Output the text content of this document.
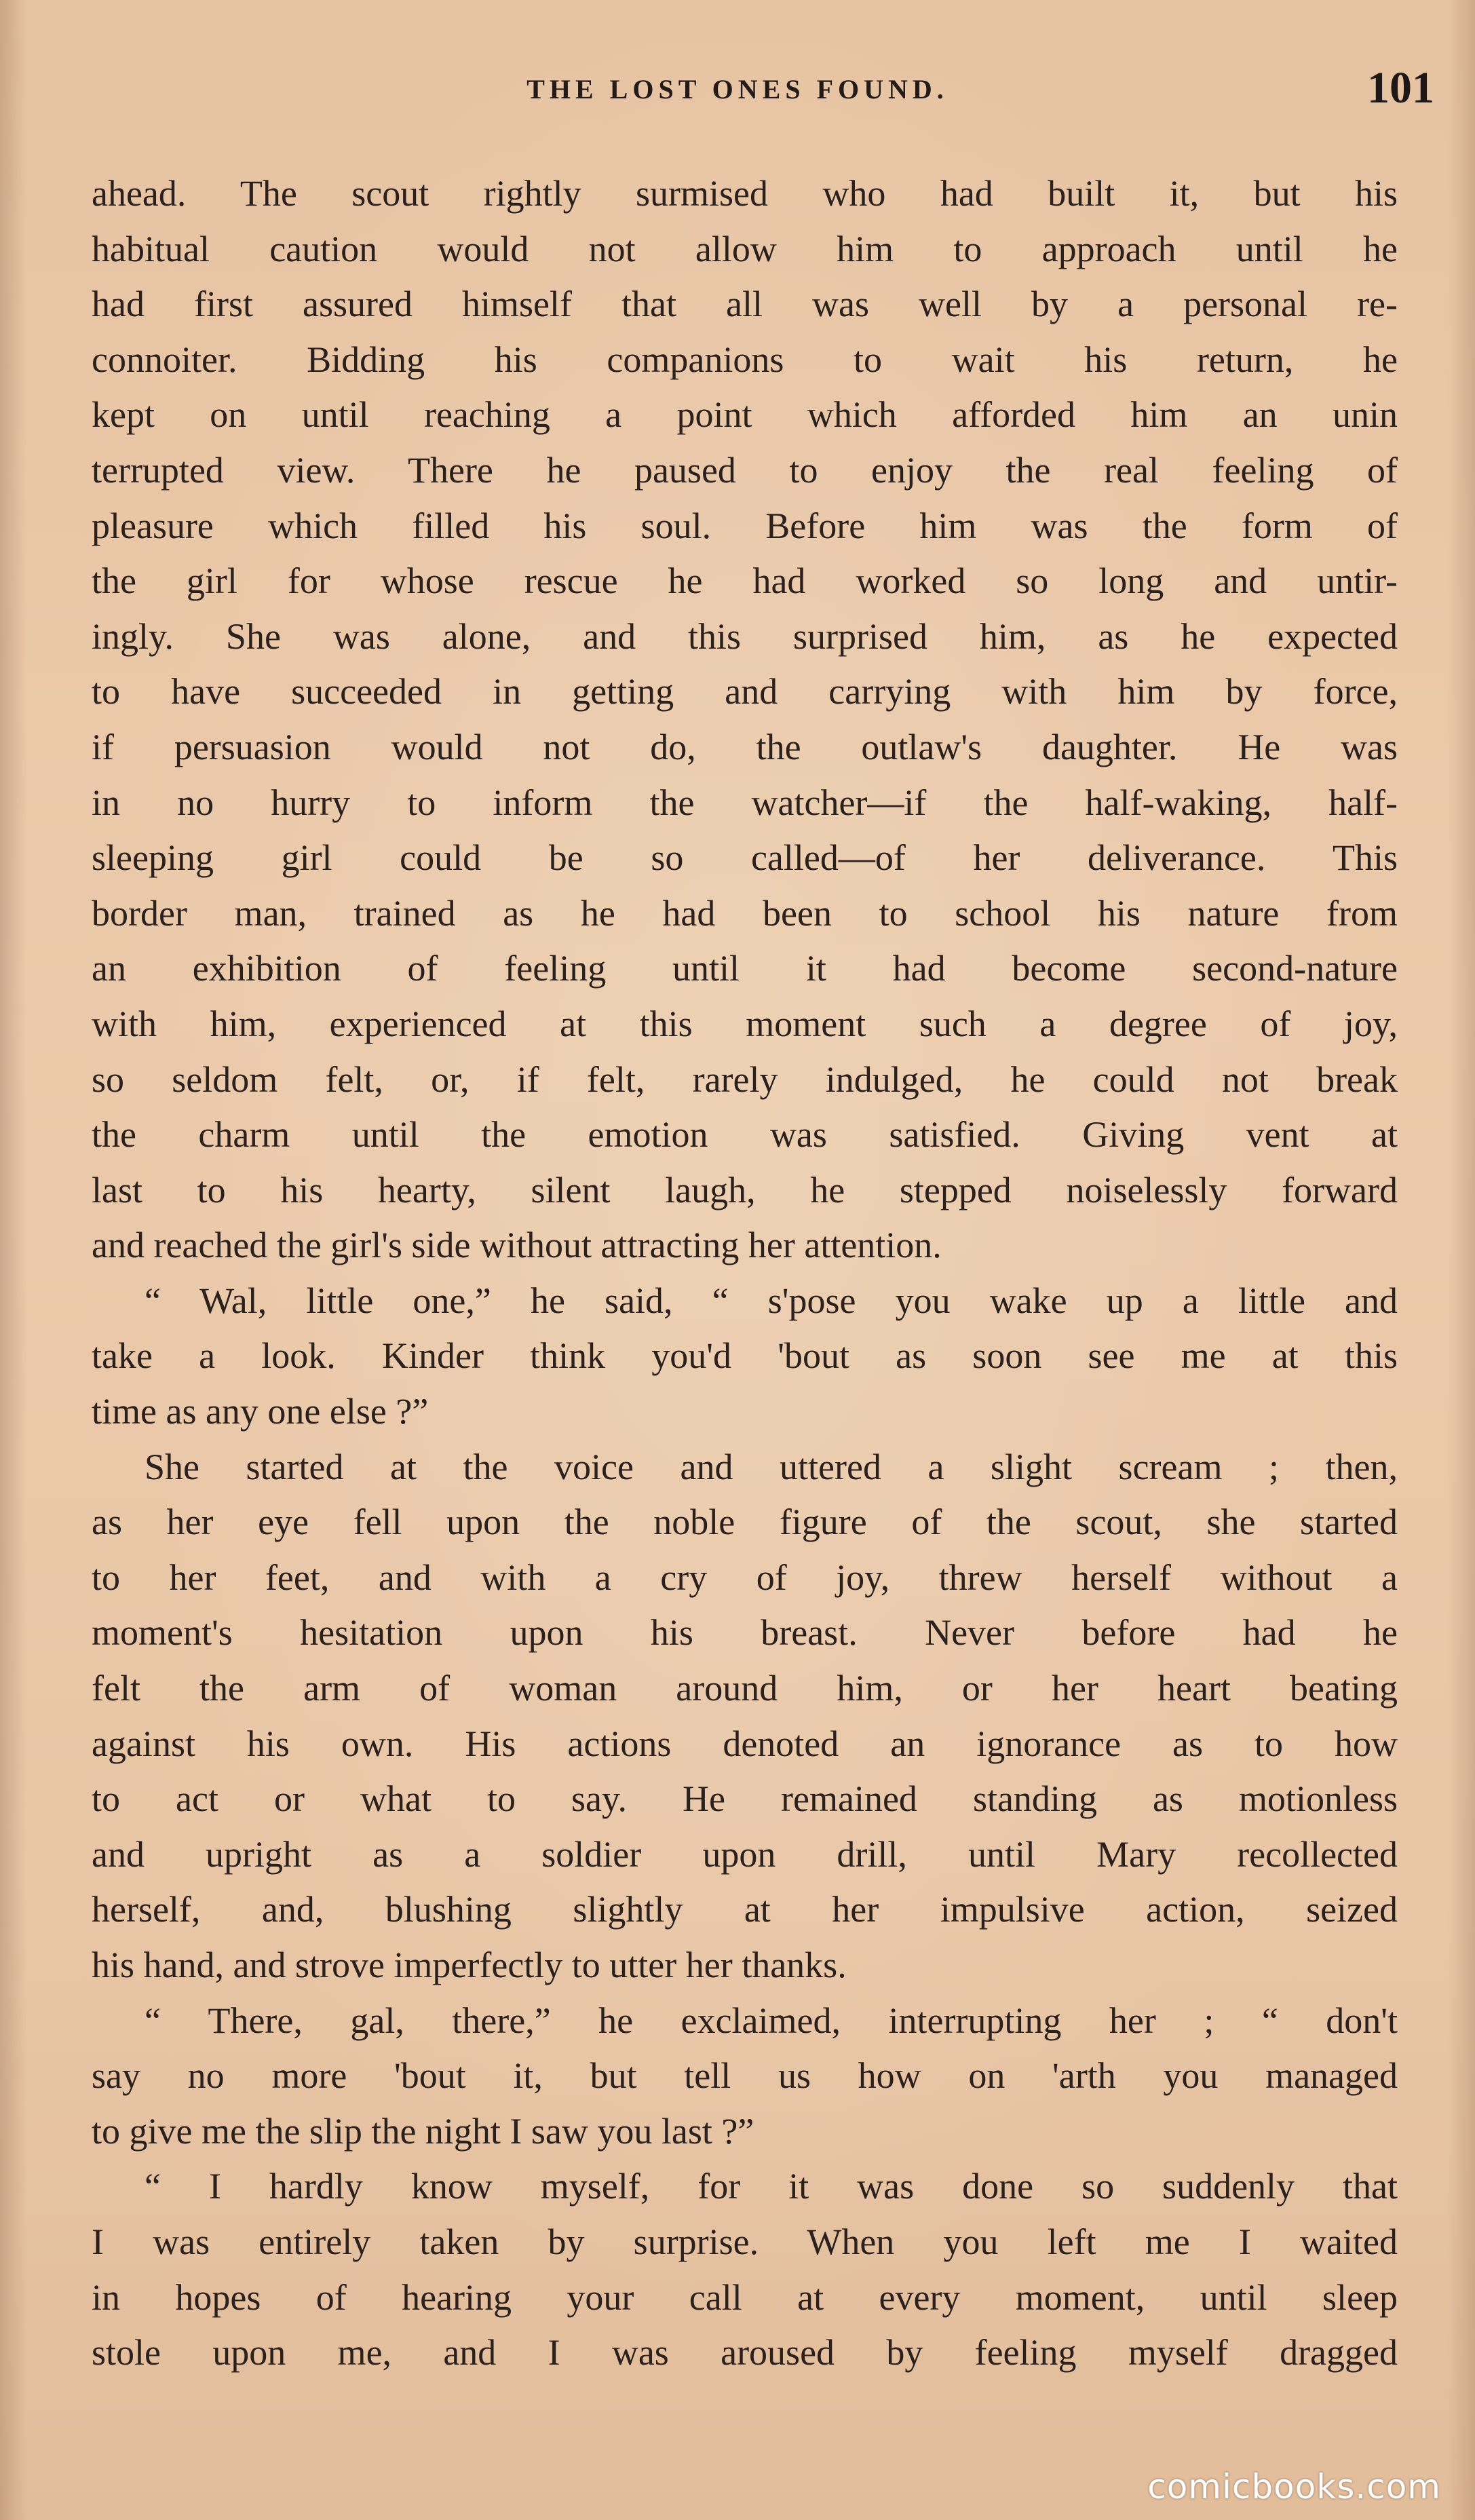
THE LOST ONES FOUND.	101
ahead. The scout rightly surmised who had built it, but his
habitual caution would not allow him to approach until he
had first assured himself that all was well by a personal re-
connoiter. Bidding his companions to wait his return, he
kept on until reaching a point which afforded him an unin
terrupted view. There he paused to enjoy the real feeling of
pleasure which filled his soul. Before him was the form of
the girl for whose rescue he had worked so long and untir-
ingly. She was alone, and this surprised him, as he expected
to have succeeded in getting and carrying with him by force,
if persuasion would not do, the outlaw's daughter. He was
in no hurry to inform the watcher—if the half-waking, half-
sleeping girl could be so called—of her deliverance. This
border man, trained as he had been to school his nature from
an exhibition of feeling until it had become second-nature
with him, experienced at this moment such a degree of joy,
so seldom felt, or, if felt, rarely indulged, he could not break
the charm until the emotion was satisfied. Giving vent at
last to his hearty, silent laugh, he stepped noiselessly forward
and reached the girl's side without attracting her attention.
“ Wal, little one,” he said, “ s'pose you wake up a little and
take a look. Kinder think you'd 'bout as soon see me at this
time as any one else ?”
She started at the voice and uttered a slight scream ; then,
as her eye fell upon the noble figure of the scout, she started
to her feet, and with a cry of joy, threw herself without a
moment's hesitation upon his breast. Never before had he
felt the arm of woman around him, or her heart beating
against his own. His actions denoted an ignorance as to how
to act or what to say. He remained standing as motionless
and upright as a soldier upon drill, until Mary recollected
herself, and, blushing slightly at her impulsive action, seized
his hand, and strove imperfectly to utter her thanks.
“ There, gal, there,” he exclaimed, interrupting her ; “ don't
say no more 'bout it, but tell us how on 'arth you managed
to give me the slip the night I saw you last ?”
“ I hardly know myself, for it was done so suddenly that
I was entirely taken by surprise. When you left me I waited
in hopes of hearing your call at every moment, until sleep
stole upon me, and I was aroused by feeling myself dragged
comicbooks.com
